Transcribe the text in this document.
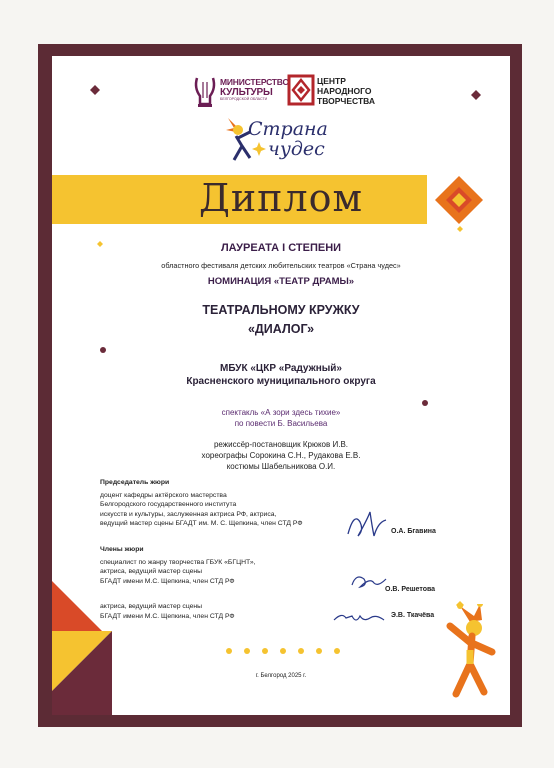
МИНИСТЕРСТВО
КУЛЬТУРЫ
БЕЛГОРОДСКОЙ ОБЛАСТИ
ЦЕНТР
НАРОДНОГО
ТВОРЧЕСТВА
Страна
чудес
Диплом
ЛАУРЕАТА I СТЕПЕНИ
областного фестиваля детских любительских театров «Страна чудес»
НОМИНАЦИЯ «ТЕАТР ДРАМЫ»
ТЕАТРАЛЬНОМУ КРУЖКУ
«ДИАЛОГ»
МБУК «ЦКР «Радужный»
Красненского муниципального округа
спектакль «А зори здесь тихие»
по повести Б. Васильева
режиссёр-постановщик Крюков И.В.
хореографы Сорокина С.Н., Рудакова Е.В.
костюмы Шабельникова О.И.
Председатель жюри
доцент кафедры актёрского мастерства
Белгородского государственного института
искусств и культуры, заслуженная актриса РФ, актриса,
ведущий мастер сцены БГАДТ им. М. С. Щепкина, член СТД РФ
О.А. Бгавина
Члены жюри
специалист по жанру творчества ГБУК «БГЦНТ»,
актриса, ведущий мастер сцены
БГАДТ имени М.С. Щепкина, член СТД РФ
О.В. Решетова
актриса, ведущий мастер сцены
БГАДТ имени М.С. Щепкина, член СТД РФ	Э.В. Ткачёва
г. Белгород 2025 г.
